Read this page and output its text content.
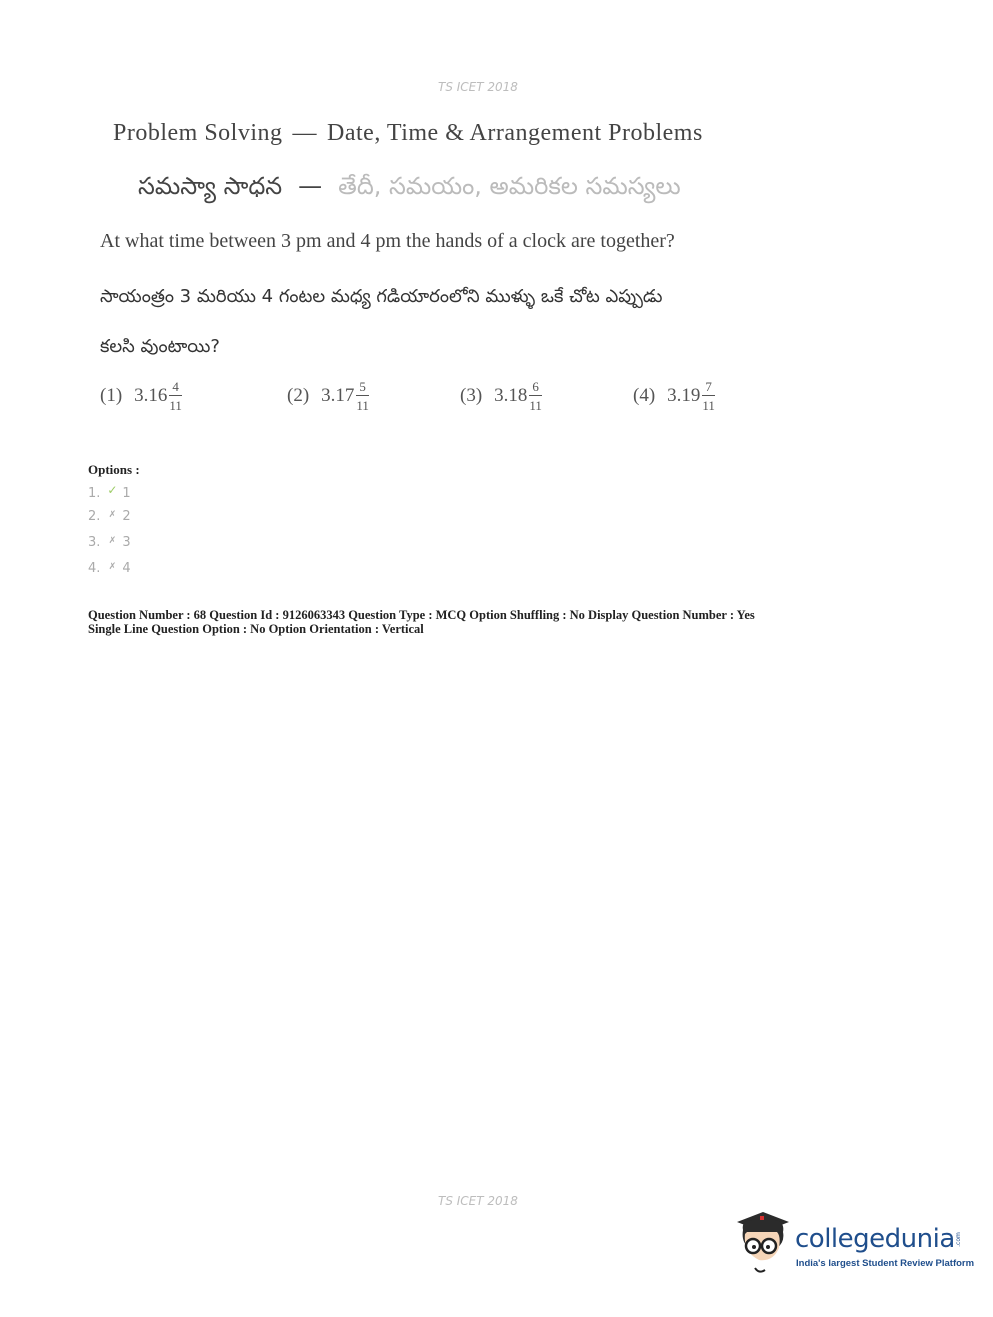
TS ICET 2018
Problem Solving — Date, Time & Arrangement Problems
సమస్యా సాధన — తేదీ, సమయం, అమరికల సమస్యలు
At what time between 3 pm and 4 pm the hands of a clock are together?
సాయంత్రం 3 మరియు 4 గంటల మధ్య గడియారంలోని ముళ్ళు ఒకే చోట ఎప్పుడు
కలసి వుంటాయి?
(1) $3.16 \frac{4}{11}$	(2) $3.17 \frac{5}{11}$	(3) $3.18 \frac{6}{11}$	(4) $3.19 \frac{7}{11}$
Options :
1. ✓ 1
2. ✗ 2
3. ✗ 3
4. ✗ 4
Question Number : 68 Question Id : 9126063343 Question Type : MCQ Option Shuffling : No Display Question Number : Yes
Single Line Question Option : No Option Orientation : Vertical
TS ICET 2018
collegedunia .com
India's largest Student Review Platform
